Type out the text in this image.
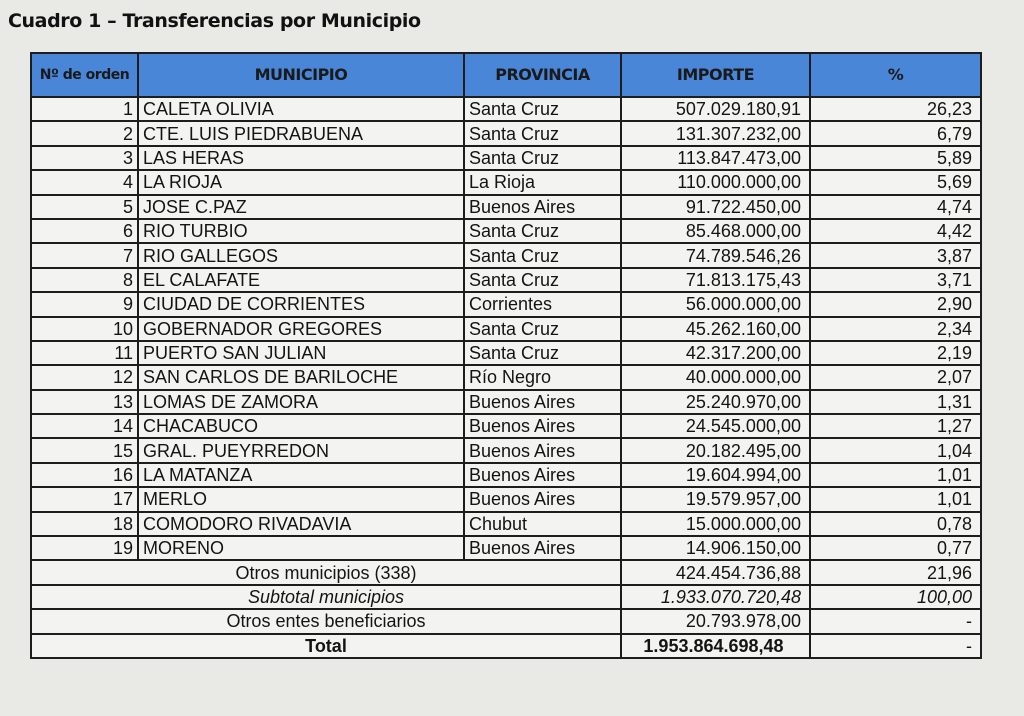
Cuadro 1 – Transferencias por Municipio
Nº de orden	MUNICIPIO	PROVINCIA	IMPORTE	%
1	CALETA OLIVIA	Santa Cruz	507.029.180,91	26,23
2	CTE. LUIS PIEDRABUENA	Santa Cruz	131.307.232,00	6,79
3	LAS HERAS	Santa Cruz	113.847.473,00	5,89
4	LA RIOJA	La Rioja	110.000.000,00	5,69
5	JOSE C.PAZ	Buenos Aires	91.722.450,00	4,74
6	RIO TURBIO	Santa Cruz	85.468.000,00	4,42
7	RIO GALLEGOS	Santa Cruz	74.789.546,26	3,87
8	EL CALAFATE	Santa Cruz	71.813.175,43	3,71
9	CIUDAD DE CORRIENTES	Corrientes	56.000.000,00	2,90
10	GOBERNADOR GREGORES	Santa Cruz	45.262.160,00	2,34
11	PUERTO SAN JULIAN	Santa Cruz	42.317.200,00	2,19
12	SAN CARLOS DE BARILOCHE	Río Negro	40.000.000,00	2,07
13	LOMAS DE ZAMORA	Buenos Aires	25.240.970,00	1,31
14	CHACABUCO	Buenos Aires	24.545.000,00	1,27
15	GRAL. PUEYRREDON	Buenos Aires	20.182.495,00	1,04
16	LA MATANZA	Buenos Aires	19.604.994,00	1,01
17	MERLO	Buenos Aires	19.579.957,00	1,01
18	COMODORO RIVADAVIA	Chubut	15.000.000,00	0,78
19	MORENO	Buenos Aires	14.906.150,00	0,77
Otros municipios (338)			424.454.736,88	21,96
Subtotal municipios			1.933.070.720,48	100,00
Otros entes beneficiarios			20.793.978,00	-
Total			1.953.864.698,48	-
